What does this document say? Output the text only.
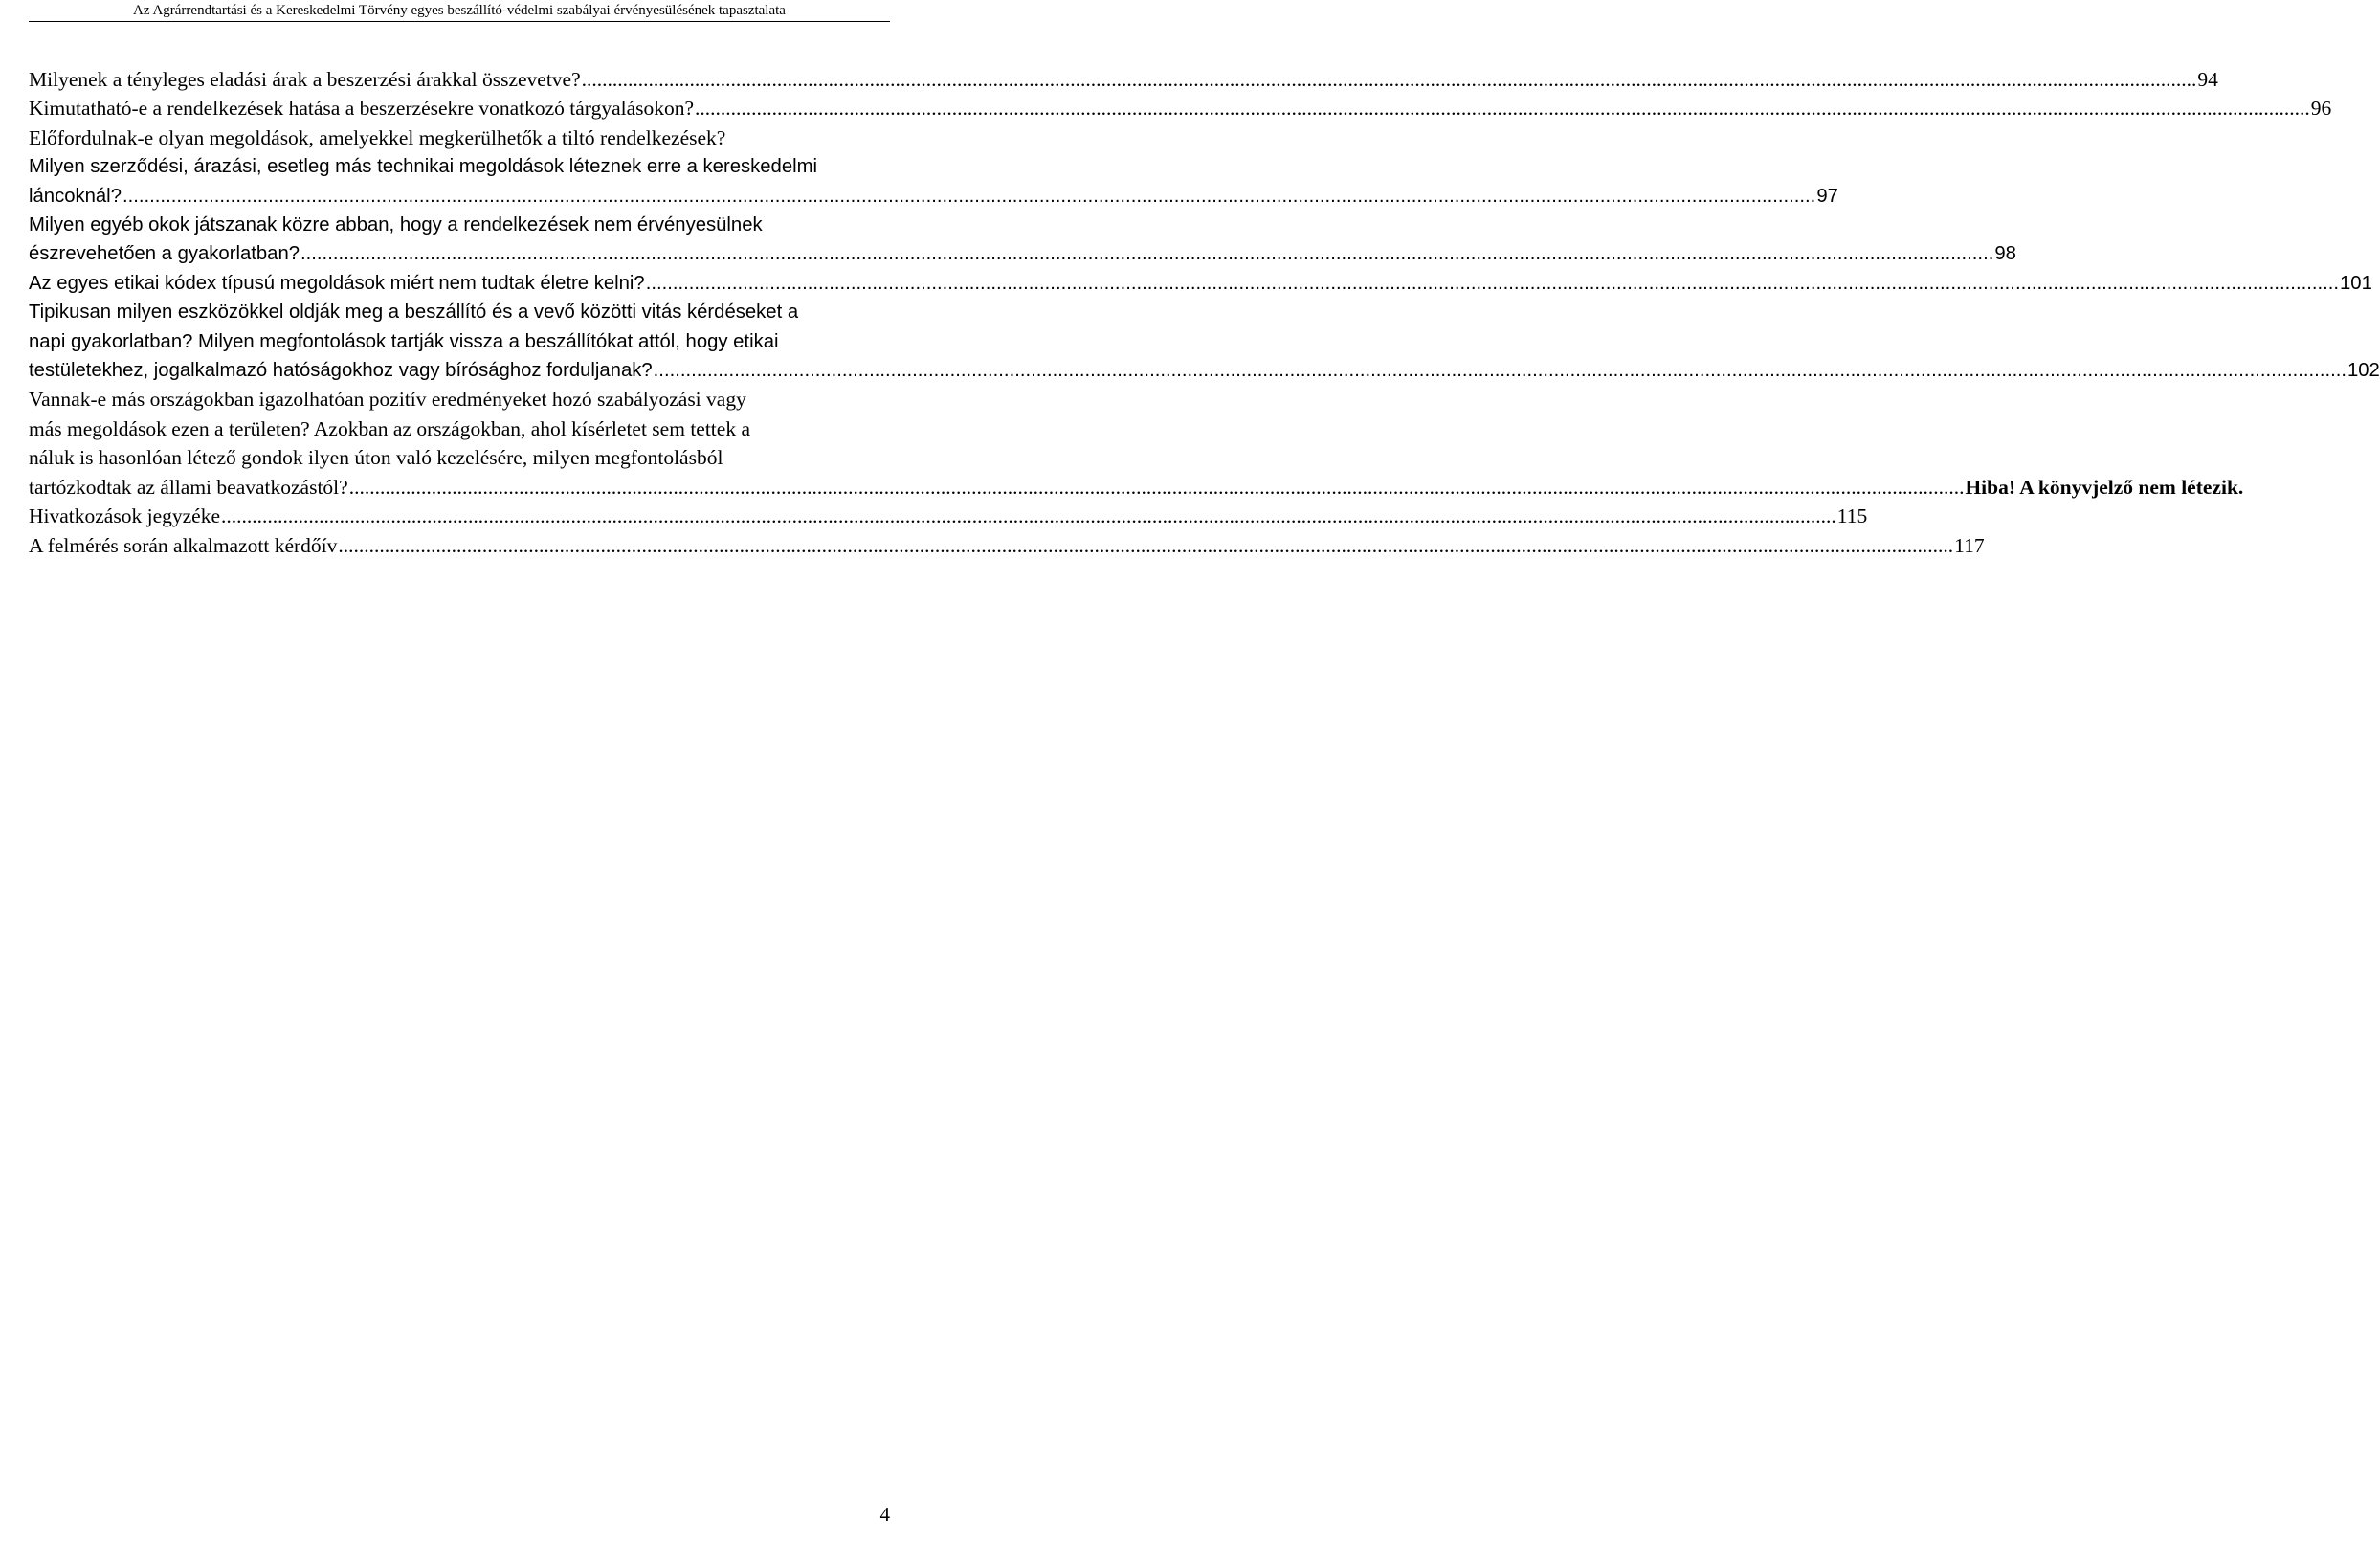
Az Agrárrendtartási és a Kereskedelmi Törvény egyes beszállító-védelmi szabályai érvényesülésének tapasztalata
Milyenek a tényleges eladási árak a beszerzési árakkal összevetve? .......................................................................................................................................................................................................................................................................................................................... 94
Kimutatható-e a rendelkezések hatása a beszerzésekre vonatkozó tárgyalásokon? .......................................................................................................................................................................................................................................................................................................................... 96
Előfordulnak-e olyan megoldások, amelyekkel megkerülhetők a tiltó rendelkezések?
Milyen szerződési, árazási, esetleg más technikai megoldások léteznek erre a kereskedelmi
láncoknál? .......................................................................................................................................................................................................................................................................................................................... 97
Milyen egyéb okok játszanak közre abban, hogy a rendelkezések nem érvényesülnek
észrevehetően a gyakorlatban? .......................................................................................................................................................................................................................................................................................................................... 98
Az egyes etikai kódex típusú megoldások miért nem tudtak életre kelni? .......................................................................................................................................................................................................................................................................................................................... 101
Tipikusan milyen eszközökkel oldják meg a beszállító és a vevő közötti vitás kérdéseket a
napi gyakorlatban? Milyen megfontolások tartják vissza a beszállítókat attól, hogy etikai
testületekhez, jogalkalmazó hatóságokhoz vagy bírósághoz forduljanak? .......................................................................................................................................................................................................................................................................................................................... 102
Vannak-e más országokban igazolhatóan pozitív eredményeket hozó szabályozási vagy
más megoldások ezen a területen? Azokban az országokban, ahol kísérletet sem tettek a
náluk is hasonlóan létező gondok ilyen úton való kezelésére, milyen megfontolásból
tartózkodtak az állami beavatkozástól? .......................................................................................................................................................................................................................................................................................................................... Hiba! A könyvjelző nem létezik.
Hivatkozások jegyzéke .......................................................................................................................................................................................................................................................................................................................... 115
A felmérés során alkalmazott kérdőív .......................................................................................................................................................................................................................................................................................................................... 117
4
